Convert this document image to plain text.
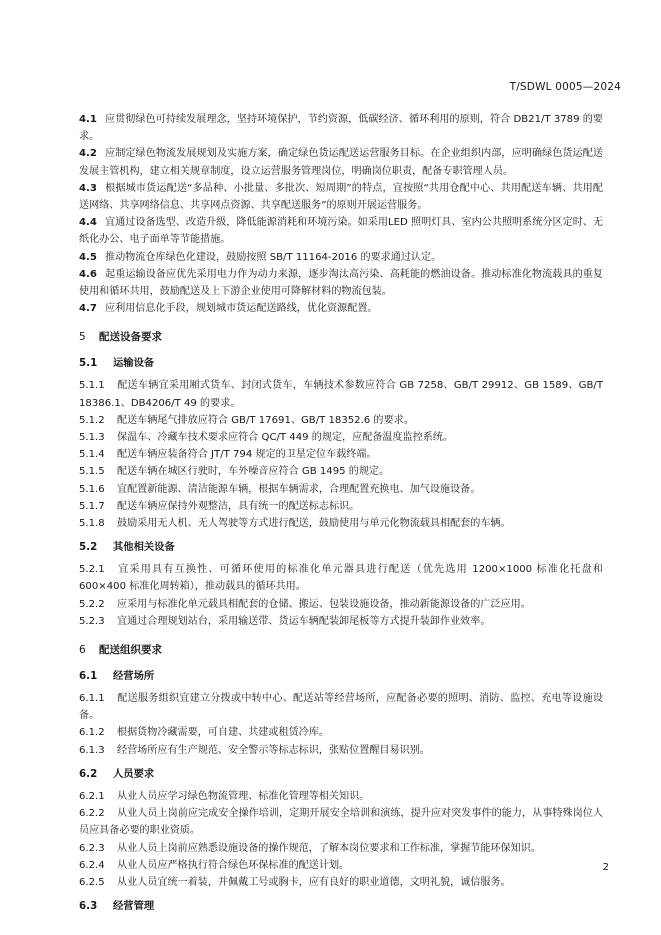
T/SDWL 0005—2024
4.1 应贯彻绿色可持续发展理念，坚持环境保护，节约资源，低碳经济、循环利用的原则，符合 DB21/T 3789 的要求。
4.2 应制定绿色物流发展规划及实施方案，确定绿色货运配送运营服务目标。在企业组织内部，应明确绿色货运配送发展主管机构，建立相关规章制度，设立运营服务管理岗位，明确岗位职责，配备专职管理人员。
4.3 根据城市货运配送“多品种、小批量、多批次、短周期”的特点，宜按照“共用仓配中心、共用配送车辆、共用配送网络、共享网络信息、共享网点资源、共享配送服务”的原则开展运营服务。
4.4 宜通过设备选型、改造升级，降低能源消耗和环境污染。如采用LED 照明灯具、室内公共照明系统分区定时、无纸化办公、电子面单等节能措施。
4.5 推动物流仓库绿色化建设，鼓励按照 SB/T 11164-2016 的要求通过认定。
4.6 起重运输设备应优先采用电力作为动力来源，逐步淘汰高污染、高耗能的燃油设备。推动标准化物流载具的重复使用和循环共用，鼓励配送及上下游企业使用可降解材料的物流包装。
4.7 应利用信息化手段，规划城市货运配送路线，优化资源配置。
5 配送设备要求
5.1 运输设备
5.1.1 配送车辆宜采用厢式货车、封闭式货车，车辆技术参数应符合 GB 7258、GB/T 29912、GB 1589、GB/T 18386.1、DB4206/T 49 的要求。
5.1.2 配送车辆尾气排放应符合 GB/T 17691、GB/T 18352.6 的要求。
5.1.3 保温车、冷藏车技术要求应符合 QC/T 449 的规定，应配备温度监控系统。
5.1.4 配送车辆应装备符合 JT/T 794 规定的卫星定位车载终端。
5.1.5 配送车辆在城区行驶时，车外噪音应符合 GB 1495 的规定。
5.1.6 宜配置新能源、清洁能源车辆，根据车辆需求，合理配置充换电、加气设施设备。
5.1.7 配送车辆应保持外观整洁，具有统一的配送标志标识。
5.1.8 鼓励采用无人机、无人驾驶等方式进行配送，鼓励使用与单元化物流载具相配套的车辆。
5.2 其他相关设备
5.2.1 宜采用具有互换性、可循环使用的标准化单元器具进行配送（优先选用 1200×1000 标准化托盘和 600×400 标准化周转箱），推动载具的循环共用。
5.2.2 应采用与标准化单元载具相配套的仓储、搬运、包装设施设备，推动新能源设备的广泛应用。
5.2.3 宜通过合理规划站台，采用输送带、货运车辆配装卸尾板等方式提升装卸作业效率。
6 配送组织要求
6.1 经营场所
6.1.1 配送服务组织宜建立分拨或中转中心、配送站等经营场所，应配备必要的照明、消防、监控、充电等设施设备。
6.1.2 根据货物冷藏需要，可自建、共建或租赁冷库。
6.1.3 经营场所应有生产规范、安全警示等标志标识，张贴位置醒目易识别。
6.2 人员要求
6.2.1 从业人员应学习绿色物流管理、标准化管理等相关知识。
6.2.2 从业人员上岗前应完成安全操作培训，定期开展安全培训和演练，提升应对突发事件的能力，从事特殊岗位人员应具备必要的职业资质。
6.2.3 从业人员上岗前应熟悉设施设备的操作规范，了解本岗位要求和工作标准，掌握节能环保知识。
6.2.4 从业人员应严格执行符合绿色环保标准的配送计划。
6.2.5 从业人员宜统一着装，并佩戴工号或胸卡，应有良好的职业道德，文明礼貌，诚信服务。
6.3 经营管理
2
